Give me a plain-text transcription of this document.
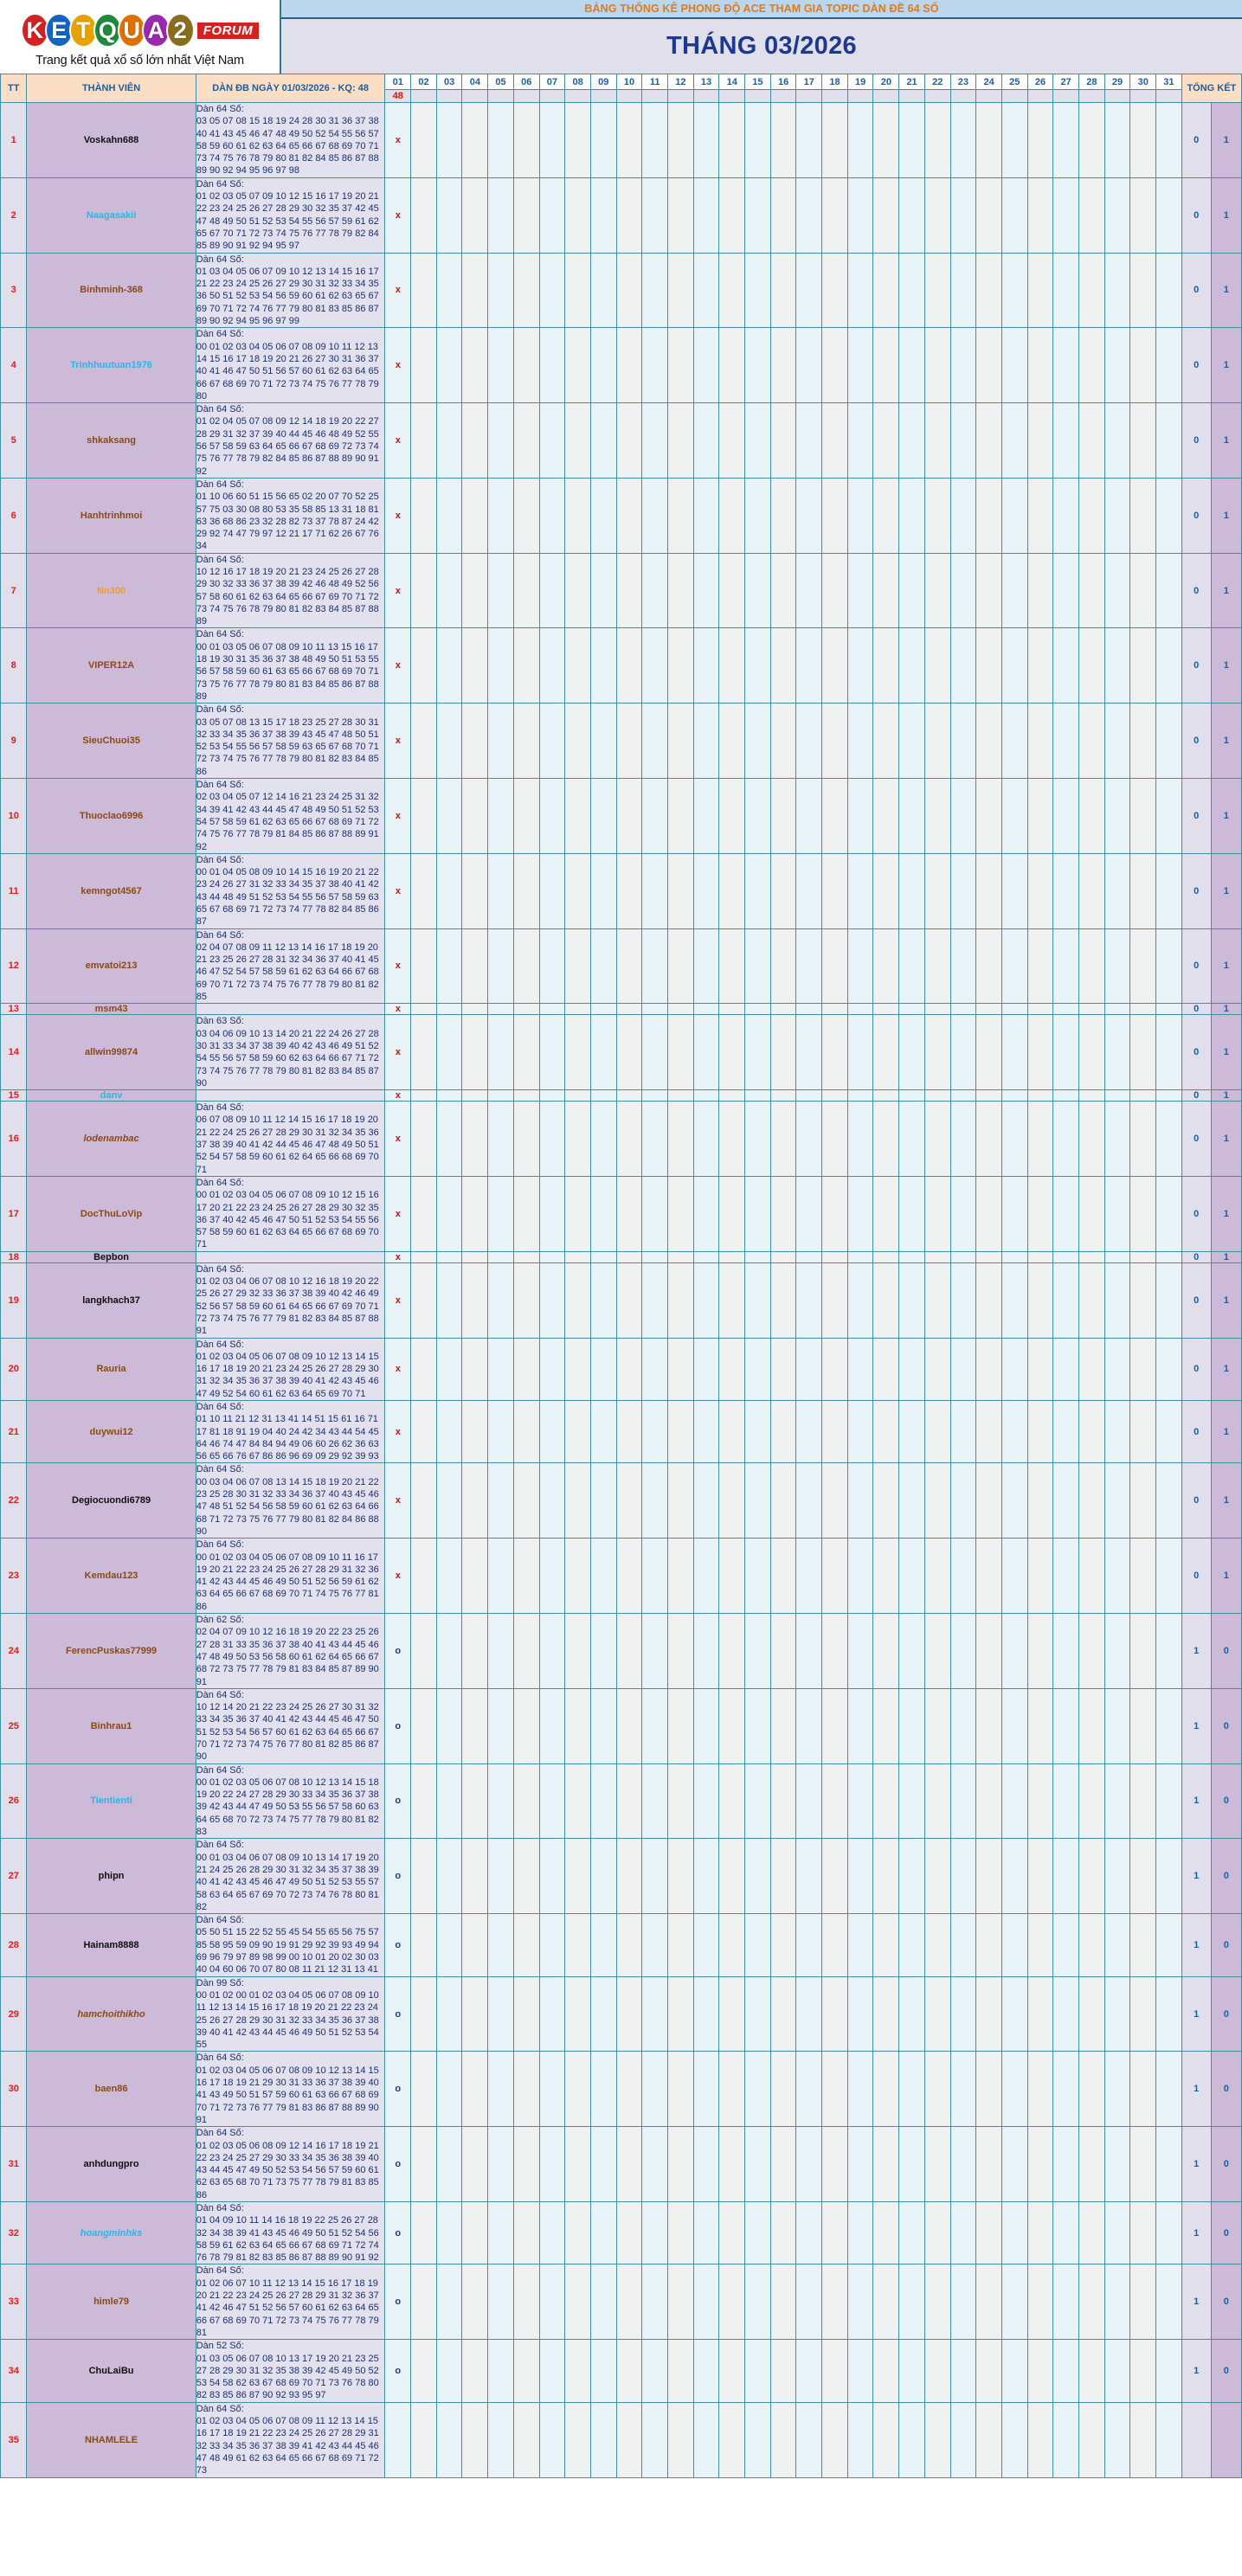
K E T Q U A 2	FORUM
Trang kết quả xổ số lớn nhất Việt Nam
BẢNG THỐNG KÊ PHONG ĐỘ ACE THAM GIA TOPIC DÀN ĐỀ 64 SỐ
THÁNG 03/2026
TT	THÀNH VIÊN	DÀN ĐB NGÀY 01/03/2026 - KQ: 48	01	02	03	04	05	06	07	08	09	10	11	12	13	14	15	16	17	18	19	20	21	22	23	24	25	26	27	28	29	30	31	TỔNG KẾT	
			48																																
1	Voskahn688	Dàn 64 Số:
03 05 07 08 15 18 19 24 28 30 31 36 37 38 40 41 43 45 46 47 48 49 50 52 54 55 56 57 58 59 60 61 62 63 64 65 66 67 68 69 70 71 73 74 75 76 78 79 80 81 82 84 85 86 87 88 89 90 92 94 95 96 97 98	x																															0	1
2	Naagasakii	Dàn 64 Số:
01 02 03 05 07 09 10 12 15 16 17 19 20 21 22 23 24 25 26 27 28 29 30 32 35 37 42 45 47 48 49 50 51 52 53 54 55 56 57 59 61 62 65 67 70 71 72 73 74 75 76 77 78 79 82 84 85 89 90 91 92 94 95 97	x																															0	1
3	Binhminh-368	Dàn 64 Số:
01 03 04 05 06 07 09 10 12 13 14 15 16 17 21 22 23 24 25 26 27 29 30 31 32 33 34 35 36 50 51 52 53 54 56 59 60 61 62 63 65 67 69 70 71 72 74 76 77 79 80 81 83 85 86 87 89 90 92 94 95 96 97 99	x																															0	1
4	Trinhhuutuan1976	Dàn 64 Số:
00 01 02 03 04 05 06 07 08 09 10 11 12 13 14 15 16 17 18 19 20 21 26 27 30 31 36 37 40 41 46 47 50 51 56 57 60 61 62 63 64 65 66 67 68 69 70 71 72 73 74 75 76 77 78 79 80	x																															0	1
5	shkaksang	Dàn 64 Số:
01 02 04 05 07 08 09 12 14 18 19 20 22 27 28 29 31 32 37 39 40 44 45 46 48 49 52 55 56 57 58 59 63 64 65 66 67 68 69 72 73 74 75 76 77 78 79 82 84 85 86 87 88 89 90 91 92	x																															0	1
6	Hanhtrinhmoi	Dàn 64 Số:
01 10 06 60 51 15 56 65 02 20 07 70 52 25 57 75 03 30 08 80 53 35 58 85 13 31 18 81 63 36 68 86 23 32 28 82 73 37 78 87 24 42 29 92 74 47 79 97 12 21 17 71 62 26 67 76 34	x																															0	1
7	Nn300	Dàn 64 Số:
10 12 16 17 18 19 20 21 23 24 25 26 27 28 29 30 32 33 36 37 38 39 42 46 48 49 52 56 57 58 60 61 62 63 64 65 66 67 69 70 71 72 73 74 75 76 78 79 80 81 82 83 84 85 87 88 89	x																															0	1
8	VIPER12A	Dàn 64 Số:
00 01 03 05 06 07 08 09 10 11 13 15 16 17 18 19 30 31 35 36 37 38 48 49 50 51 53 55 56 57 58 59 60 61 63 65 66 67 68 69 70 71 73 75 76 77 78 79 80 81 83 84 85 86 87 88 89	x																															0	1
9	SieuChuoi35	Dàn 64 Số:
03 05 07 08 13 15 17 18 23 25 27 28 30 31 32 33 34 35 36 37 38 39 43 45 47 48 50 51 52 53 54 55 56 57 58 59 63 65 67 68 70 71 72 73 74 75 76 77 78 79 80 81 82 83 84 85 86	x																															0	1
10	Thuoclao6996	Dàn 64 Số:
02 03 04 05 07 12 14 16 21 23 24 25 31 32 34 39 41 42 43 44 45 47 48 49 50 51 52 53 54 57 58 59 61 62 63 65 66 67 68 69 71 72 74 75 76 77 78 79 81 84 85 86 87 88 89 91 92	x																															0	1
11	kemngot4567	Dàn 64 Số:
00 01 04 05 08 09 10 14 15 16 19 20 21 22 23 24 26 27 31 32 33 34 35 37 38 40 41 42 43 44 48 49 51 52 53 54 55 56 57 58 59 63 65 67 68 69 71 72 73 74 77 78 82 84 85 86 87	x																															0	1
12	emvatoi213	Dàn 64 Số:
02 04 07 08 09 11 12 13 14 16 17 18 19 20 21 23 25 26 27 28 31 32 34 36 37 40 41 45 46 47 52 54 57 58 59 61 62 63 64 66 67 68 69 70 71 72 73 74 75 76 77 78 79 80 81 82 85	x																															0	1
13	msm43		x																															0	1
14	allwin99874	Dàn 63 Số:
03 04 06 09 10 13 14 20 21 22 24 26 27 28 30 31 33 34 37 38 39 40 42 43 46 49 51 52 54 55 56 57 58 59 60 62 63 64 66 67 71 72 73 74 75 76 77 78 79 80 81 82 83 84 85 87 90	x																															0	1
15	danv		x																															0	1
16	lodenambac	Dàn 64 Số:
06 07 08 09 10 11 12 14 15 16 17 18 19 20 21 22 24 25 26 27 28 29 30 31 32 34 35 36 37 38 39 40 41 42 44 45 46 47 48 49 50 51 52 54 57 58 59 60 61 62 64 65 66 68 69 70 71	x																															0	1
17	DocThuLoVip	Dàn 64 Số:
00 01 02 03 04 05 06 07 08 09 10 12 15 16 17 20 21 22 23 24 25 26 27 28 29 30 32 35 36 37 40 42 45 46 47 50 51 52 53 54 55 56 57 58 59 60 61 62 63 64 65 66 67 68 69 70 71	x																															0	1
18	Bepbon		x																															0	1
19	langkhach37	Dàn 64 Số:
01 02 03 04 06 07 08 10 12 16 18 19 20 22 25 26 27 29 32 33 36 37 38 39 40 42 46 49 52 56 57 58 59 60 61 64 65 66 67 69 70 71 72 73 74 75 76 77 79 81 82 83 84 85 87 88 91	x																															0	1
20	Rauria	Dàn 64 Số:
01 02 03 04 05 06 07 08 09 10 12 13 14 15 16 17 18 19 20 21 23 24 25 26 27 28 29 30 31 32 34 35 36 37 38 39 40 41 42 43 45 46 47 49 52 54 60 61 62 63 64 65 69 70 71	x																															0	1
21	duywui12	Dàn 64 Số:
01 10 11 21 12 31 13 41 14 51 15 61 16 71 17 81 18 91 19 04 40 24 42 34 43 44 54 45 64 46 74 47 84 84 94 49 06 60 26 62 36 63 56 65 66 76 67 86 86 96 69 09 29 92 39 93	x																															0	1
22	Degiocuondi6789	Dàn 64 Số:
00 03 04 06 07 08 13 14 15 18 19 20 21 22 23 25 28 30 31 32 33 34 36 37 40 43 45 46 47 48 51 52 54 56 58 59 60 61 62 63 64 66 68 71 72 73 75 76 77 79 80 81 82 84 86 88 90	x																															0	1
23	Kemdau123	Dàn 64 Số:
00 01 02 03 04 05 06 07 08 09 10 11 16 17 19 20 21 22 23 24 25 26 27 28 29 31 32 36 41 42 43 44 45 46 49 50 51 52 56 59 61 62 63 64 65 66 67 68 69 70 71 74 75 76 77 81 86	x																															0	1
24	FerencPuskas77999	Dàn 62 Số:
02 04 07 09 10 12 16 18 19 20 22 23 25 26 27 28 31 33 35 36 37 38 40 41 43 44 45 46 47 48 49 50 53 56 58 60 61 62 64 65 66 67 68 72 73 75 77 78 79 81 83 84 85 87 89 90 91	o																															1	0
25	Binhrau1	Dàn 64 Số:
10 12 14 20 21 22 23 24 25 26 27 30 31 32 33 34 35 36 37 40 41 42 43 44 45 46 47 50 51 52 53 54 56 57 60 61 62 63 64 65 66 67 70 71 72 73 74 75 76 77 80 81 82 85 86 87 90	o																															1	0
26	Tientienti	Dàn 64 Số:
00 01 02 03 05 06 07 08 10 12 13 14 15 18 19 20 22 24 27 28 29 30 33 34 35 36 37 38 39 42 43 44 47 49 50 53 55 56 57 58 60 63 64 65 68 70 72 73 74 75 77 78 79 80 81 82 83	o																															1	0
27	phipn	Dàn 64 Số:
00 01 03 04 06 07 08 09 10 13 14 17 19 20 21 24 25 26 28 29 30 31 32 34 35 37 38 39 40 41 42 43 45 46 47 49 50 51 52 53 55 57 58 63 64 65 67 69 70 72 73 74 76 78 80 81 82	o																															1	0
28	Hainam8888	Dàn 64 Số:
05 50 51 15 22 52 55 45 54 55 65 56 75 57 85 58 95 59 09 90 19 91 29 92 39 93 49 94 69 96 79 97 89 98 99 00 10 01 20 02 30 03 40 04 60 06 70 07 80 08 11 21 12 31 13 41	o																															1	0
29	hamchoithikho	Dàn 99 Số:
00 01 02 00 01 02 03 04 05 06 07 08 09 10 11 12 13 14 15 16 17 18 19 20 21 22 23 24 25 26 27 28 29 30 31 32 33 34 35 36 37 38 39 40 41 42 43 44 45 46 49 50 51 52 53 54 55	o																															1	0
30	baen86	Dàn 64 Số:
01 02 03 04 05 06 07 08 09 10 12 13 14 15 16 17 18 19 21 29 30 31 33 36 37 38 39 40 41 43 49 50 51 57 59 60 61 63 66 67 68 69 70 71 72 73 76 77 79 81 83 86 87 88 89 90 91	o																															1	0
31	anhdungpro	Dàn 64 Số:
01 02 03 05 06 08 09 12 14 16 17 18 19 21 22 23 24 25 27 29 30 33 34 35 36 38 39 40 43 44 45 47 49 50 52 53 54 56 57 59 60 61 62 63 65 68 70 71 73 75 77 78 79 81 83 85 86	o																															1	0
32	hoangminhks	Dàn 64 Số:
01 04 09 10 11 14 16 18 19 22 25 26 27 28 32 34 38 39 41 43 45 46 49 50 51 52 54 56 58 59 61 62 63 64 65 66 67 68 69 71 72 74 76 78 79 81 82 83 85 86 87 88 89 90 91 92	o																															1	0
33	himle79	Dàn 64 Số:
01 02 06 07 10 11 12 13 14 15 16 17 18 19 20 21 22 23 24 25 26 27 28 29 31 32 36 37 41 42 46 47 51 52 56 57 60 61 62 63 64 65 66 67 68 69 70 71 72 73 74 75 76 77 78 79 81	o																															1	0
34	ChuLaiBu	Dàn 52 Số:
01 03 05 06 07 08 10 13 17 19 20 21 23 25 27 28 29 30 31 32 35 38 39 42 45 49 50 52 53 54 58 62 63 67 68 69 70 71 73 76 78 80 82 83 85 86 87 90 92 93 95 97	o																															1	0
35	NHAMLELE	Dàn 64 Số:
01 02 03 04 05 06 07 08 09 11 12 13 14 15 16 17 18 19 21 22 23 24 25 26 27 28 29 31 32 33 34 35 36 37 38 39 41 42 43 44 45 46 47 48 49 61 62 63 64 65 66 67 68 69 71 72 73																																	
